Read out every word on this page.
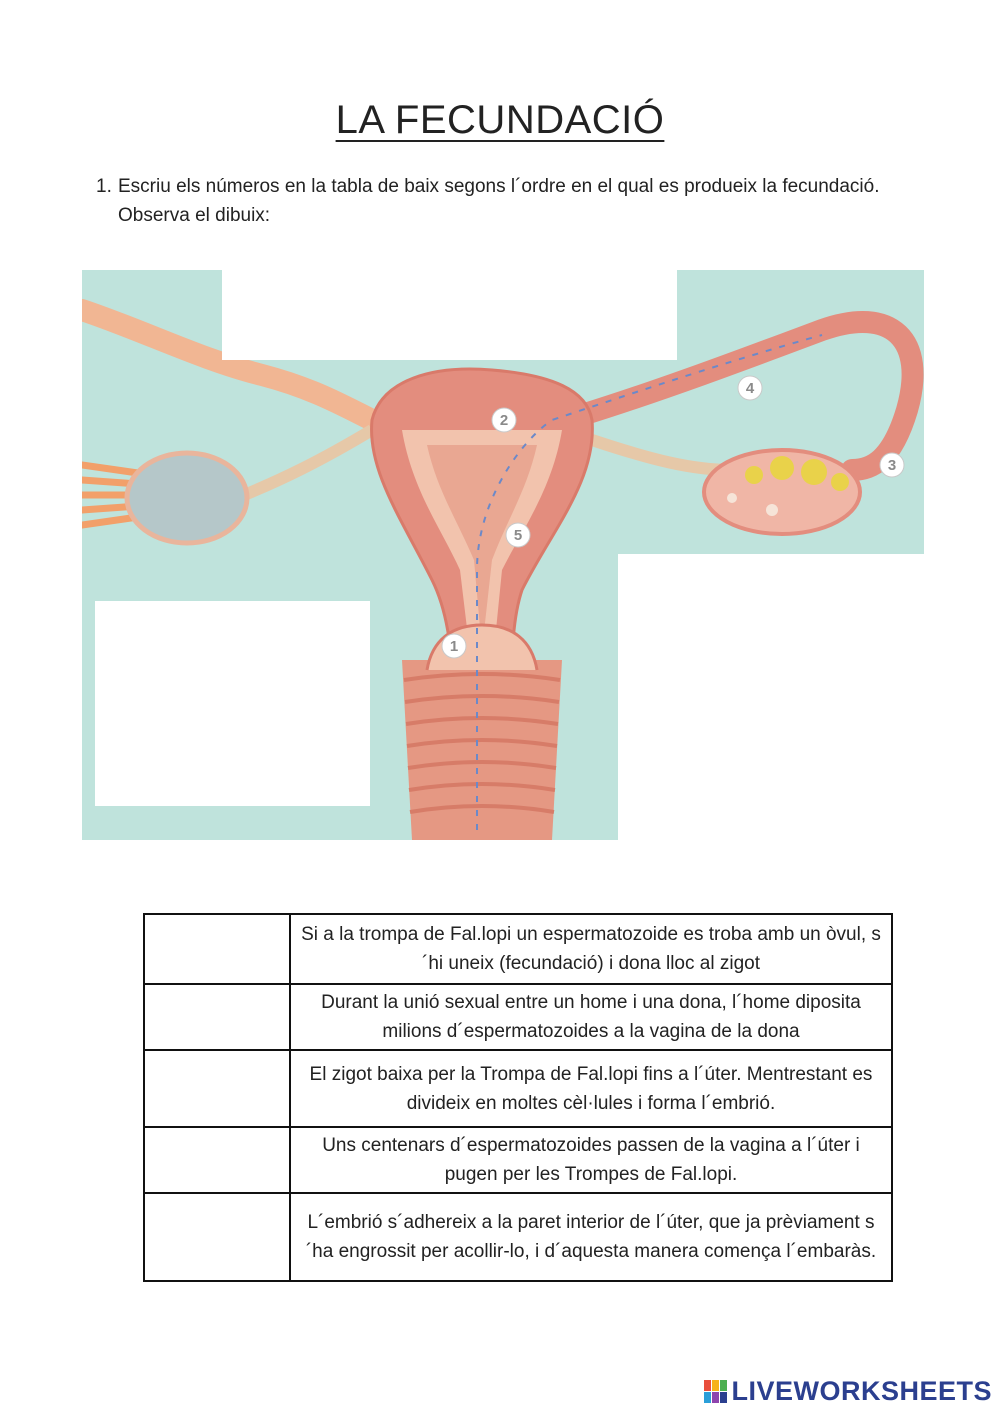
LA FECUNDACIÓ
1. Escriu els números en la tabla de baix segons l´ordre en el qual es produeix la fecundació. Observa el dibuix:
1
2
3
4
5
	Si a la trompa de Fal.lopi un espermatozoide es troba amb un òvul, s´hi uneix (fecundació) i dona lloc al zigot
	Durant la unió sexual entre un home i una dona, l´home diposita milions d´espermatozoides a la vagina de la dona
	El zigot baixa per la Trompa de Fal.lopi fins a l´úter. Mentrestant es divideix en moltes cèl·lules i forma l´embrió.
	Uns centenars d´espermatozoides passen de la vagina a l´úter i pugen per les Trompes de Fal.lopi.
	L´embrió s´adhereix a la paret interior de l´úter, que ja prèviament s´ha engrossit per acollir-lo, i d´aquesta manera comença l´embaràs.
LIVEWORKSHEETS
